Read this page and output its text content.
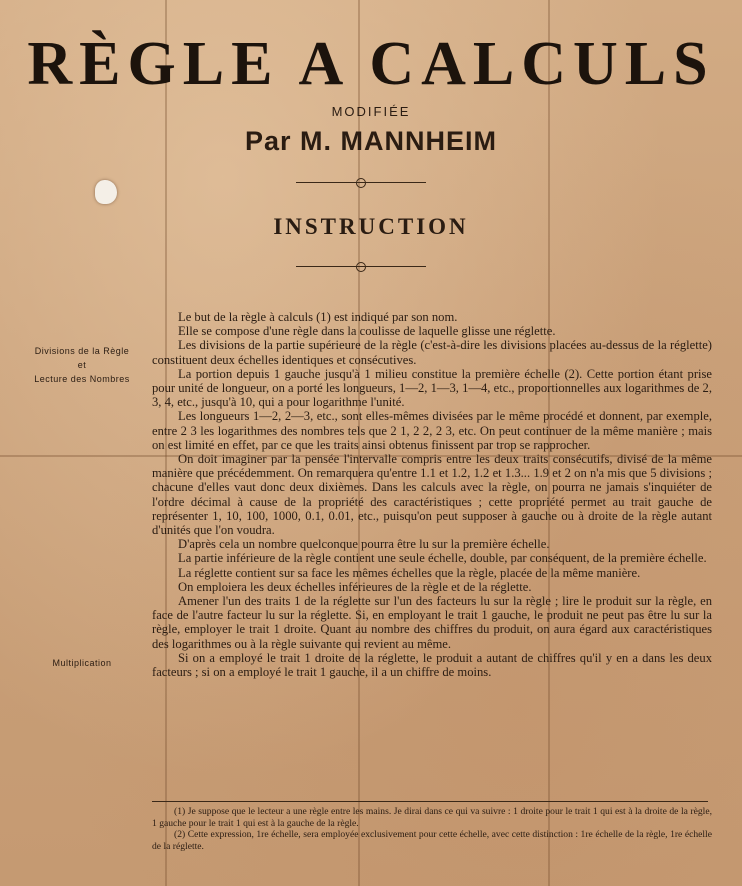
RÈGLE A CALCULS
MODIFIÉE
Par M. MANNHEIM
INSTRUCTION
Divisions de la Règle
et
Lecture des Nombres
Multiplication

Le but de la règle à calculs (1) est indiqué par son nom.

Elle se compose d'une règle dans la coulisse de laquelle glisse une réglette.

Les divisions de la partie supérieure de la règle (c'est-à-dire les divisions placées au-dessus de la réglette) constituent deux échelles identiques et consécutives.

La portion depuis 1 gauche jusqu'à 1 milieu constitue la première échelle (2). Cette portion étant prise pour unité de longueur, on a porté les longueurs, 1—2, 1—3, 1—4, etc., proportionnelles aux logarithmes de 2, 3, 4, etc., jusqu'à 10, qui a pour logarithme l'unité.

Les longueurs 1—2, 2—3, etc., sont elles-mêmes divisées par le même procédé et donnent, par exemple, entre 2 3 les logarithmes des nombres tels que 2 1, 2 2, 2 3, etc. On peut continuer de la même manière ; mais on est limité en effet, par ce que les traits ainsi obtenus finissent par trop se rapprocher.

On doit imaginer par la pensée l'intervalle compris entre les deux traits consécutifs, divisé de la même manière que précédemment. On remarquera qu'entre 1.1 et 1.2, 1.2 et 1.3... 1.9 et 2 on n'a mis que 5 divisions ; chacune d'elles vaut donc deux dixièmes. Dans les calculs avec la règle, on pourra ne jamais s'inquiéter de l'ordre décimal à cause de la propriété des caractéristiques ; cette propriété permet au trait gauche de représenter 1, 10, 100, 1000, 0.1, 0.01, etc., puisqu'on peut supposer à gauche ou à droite de la règle autant d'unités que l'on voudra.

D'après cela un nombre quelconque pourra être lu sur la première échelle.

La partie inférieure de la règle contient une seule échelle, double, par conséquent, de la première échelle.

La réglette contient sur sa face les mêmes échelles que la règle, placée de la même manière.

On emploiera les deux échelles inférieures de la règle et de la réglette.

Amener l'un des traits 1 de la réglette sur l'un des facteurs lu sur la règle ; lire le produit sur la règle, en face de l'autre facteur lu sur la réglette. Si, en employant le trait 1 gauche, le produit ne peut pas être lu sur la règle, employer le trait 1 droite. Quant au nombre des chiffres du produit, on aura égard aux caractéristiques des logarithmes ou à la règle suivante qui revient au même.

Si on a employé le trait 1 droite de la réglette, le produit a autant de chiffres qu'il y en a dans les deux facteurs ; si on a employé le trait 1 gauche, il a un chiffre de moins.

(1) Je suppose que le lecteur a une règle entre les mains. Je dirai dans ce qui va suivre : 1 droite pour le trait 1 qui est à la droite de la règle, 1 gauche pour le trait 1 qui est à la gauche de la règle.

(2) Cette expression, 1re échelle, sera employée exclusivement pour cette échelle, avec cette distinction : 1re échelle de la règle, 1re échelle de la réglette.
